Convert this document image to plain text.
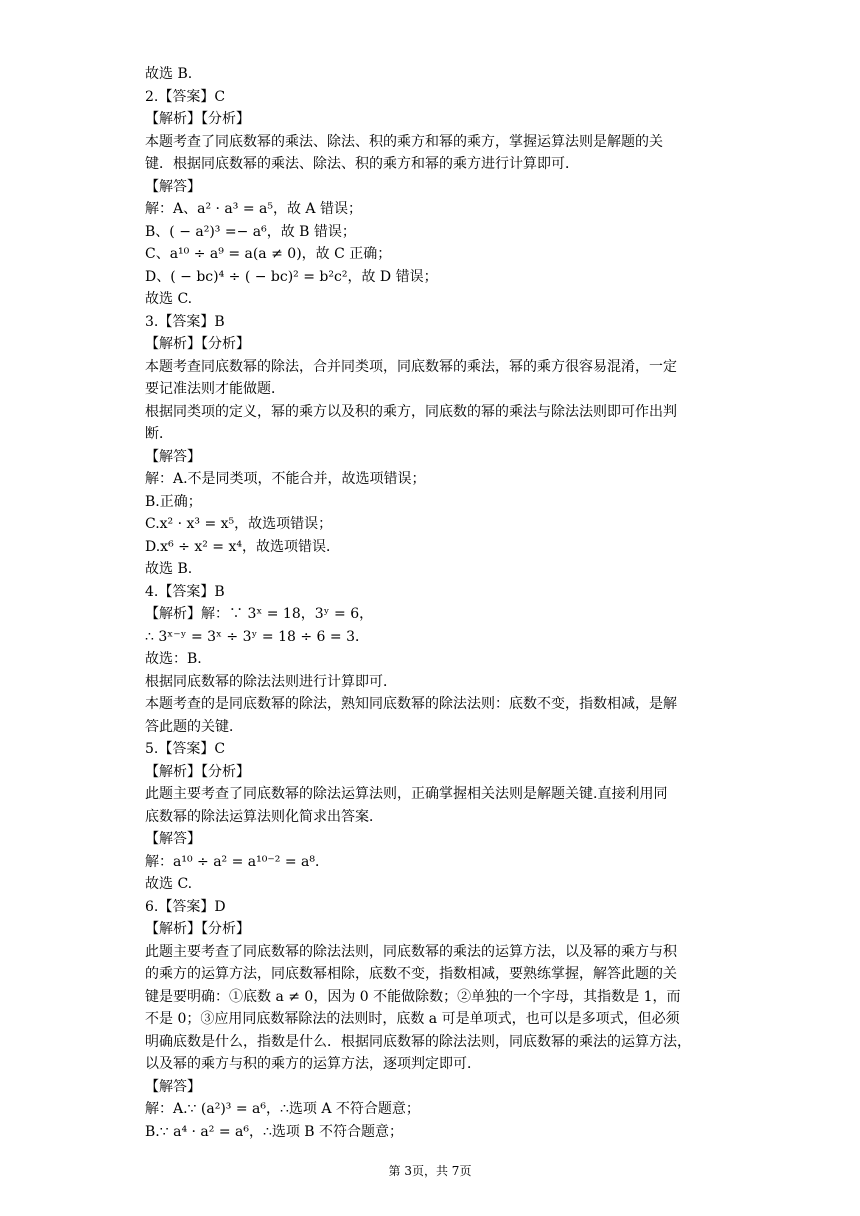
故选 B.
2.【答案】C
【解析】【分析】
本题考查了同底数幂的乘法、除法、积的乘方和幂的乘方，掌握运算法则是解题的关
键．根据同底数幂的乘法、除法、积的乘方和幂的乘方进行计算即可．
【解答】
解：A、a² · a³ = a⁵，故 A 错误；
B、( − a²)³ =− a⁶，故 B 错误；
C、a¹⁰ ÷ a⁹ = a(a ≠ 0)，故 C 正确；
D、( − bc)⁴ ÷ ( − bc)² = b²c²，故 D 错误；
故选 C.
3.【答案】B
【解析】【分析】
本题考查同底数幂的除法，合并同类项，同底数幂的乘法，幂的乘方很容易混淆，一定
要记准法则才能做题．
根据同类项的定义，幂的乘方以及积的乘方，同底数的幂的乘法与除法法则即可作出判
断．
【解答】
解：A.不是同类项，不能合并，故选项错误；
B.正确；
C.x² · x³ = x⁵，故选项错误；
D.x⁶ ÷ x² = x⁴，故选项错误．
故选 B.
4.【答案】B
【解析】解：∵ 3ˣ = 18，3ʸ = 6，
∴ 3ˣ⁻ʸ = 3ˣ ÷ 3ʸ = 18 ÷ 6 = 3．
故选：B.
根据同底数幂的除法法则进行计算即可．
本题考查的是同底数幂的除法，熟知同底数幂的除法法则：底数不变，指数相减，是解
答此题的关键．
5.【答案】C
【解析】【分析】
此题主要考查了同底数幂的除法运算法则，正确掌握相关法则是解题关键.直接利用同
底数幂的除法运算法则化简求出答案．
【解答】
解：a¹⁰ ÷ a² = a¹⁰⁻² = a⁸．
故选 C.
6.【答案】D
【解析】【分析】
此题主要考查了同底数幂的除法法则，同底数幂的乘法的运算方法，以及幂的乘方与积
的乘方的运算方法，同底数幂相除，底数不变，指数相减，要熟练掌握，解答此题的关
键是要明确：①底数 a ≠ 0，因为 0 不能做除数；②单独的一个字母，其指数是 1，而
不是 0；③应用同底数幂除法的法则时，底数 a 可是单项式，也可以是多项式，但必须
明确底数是什么，指数是什么．根据同底数幂的除法法则，同底数幂的乘法的运算方法，
以及幂的乘方与积的乘方的运算方法，逐项判定即可．
【解答】
解：A.∵ (a²)³ = a⁶，∴选项 A 不符合题意；
B.∵ a⁴ · a² = a⁶，∴选项 B 不符合题意；
第 3页，共 7页
